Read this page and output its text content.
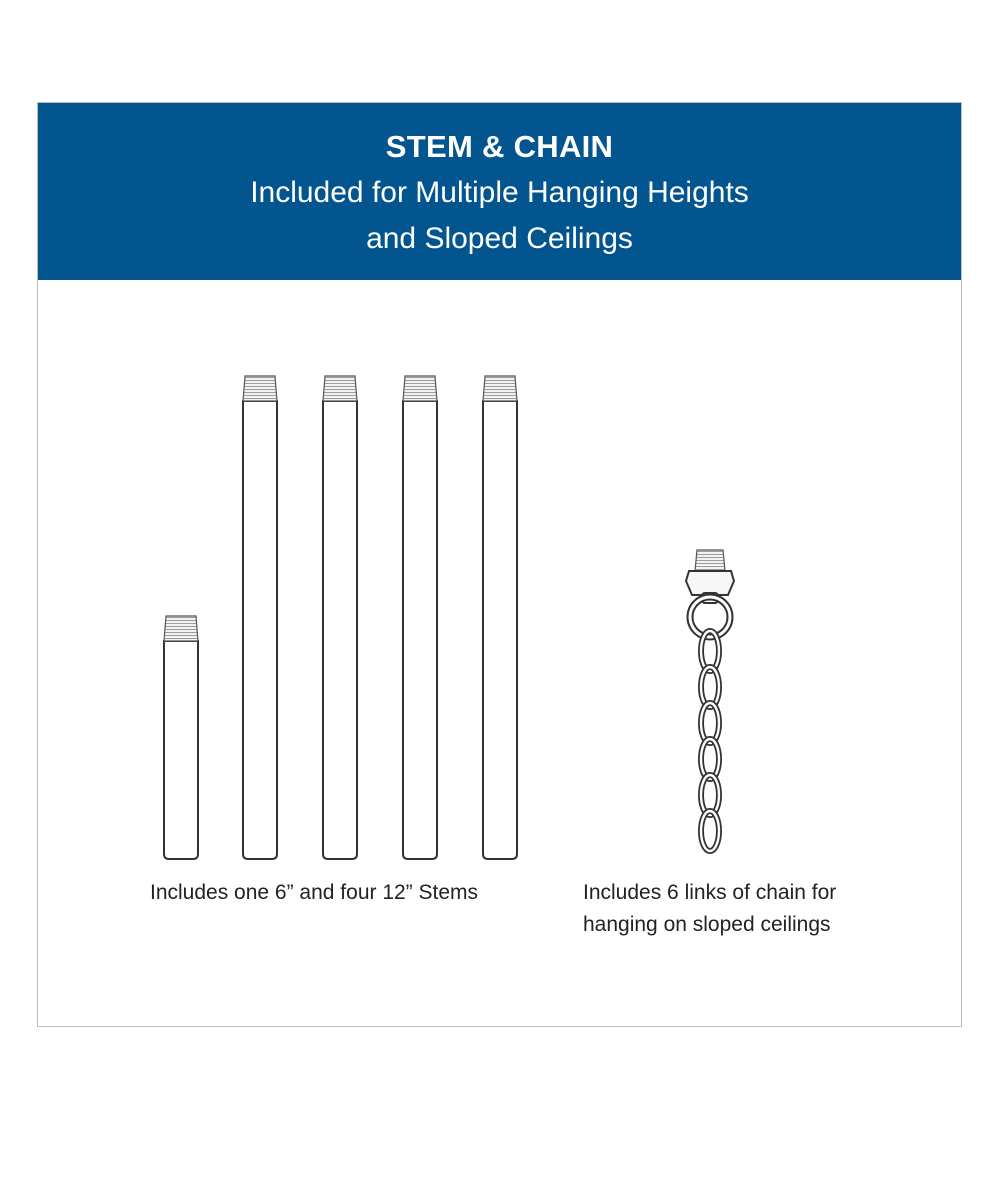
STEM & CHAIN
Included for Multiple Hanging Heights
and Sloped Ceilings
Includes one 6” and four 12” Stems	Includes 6 links of chain for
hanging on sloped ceilings
